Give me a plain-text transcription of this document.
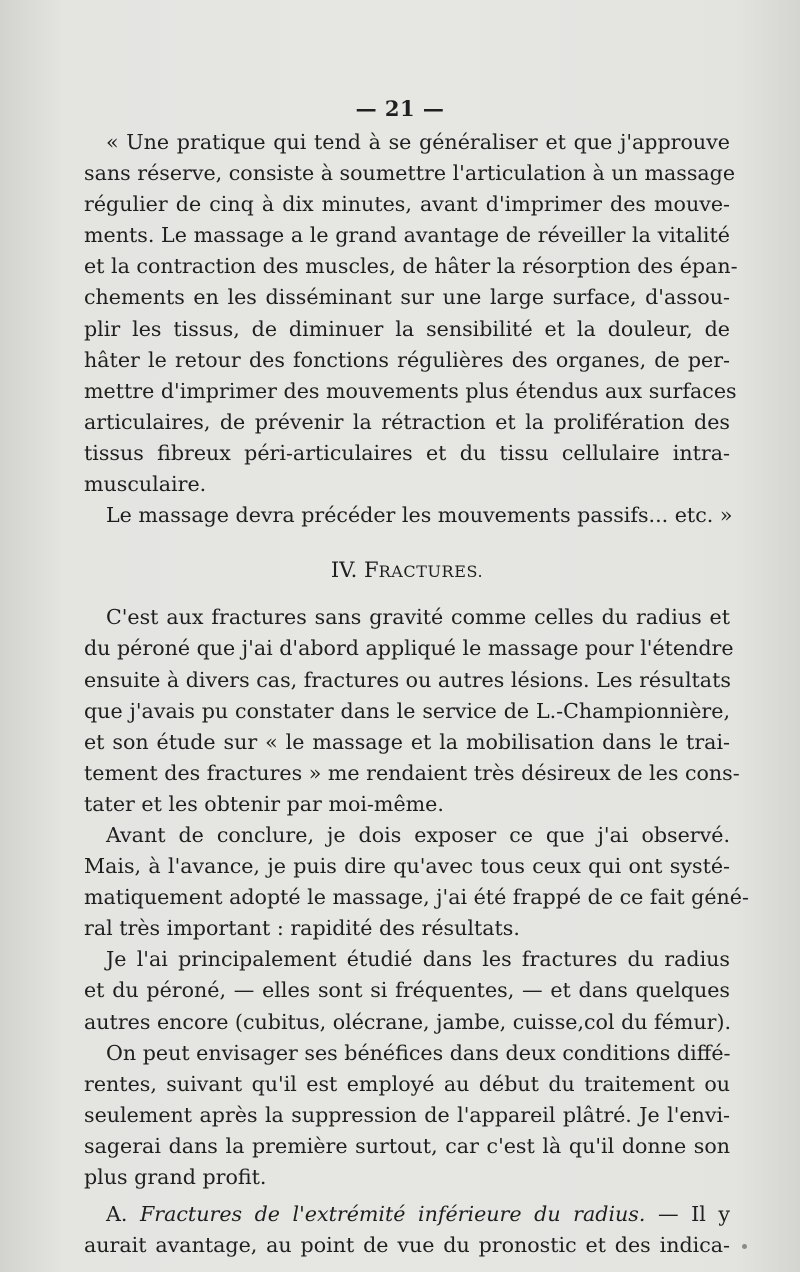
— 21 —
« Une pratique qui tend à se généraliser et que j'approuve
sans réserve, consiste à soumettre l'articulation à un massage
régulier de cinq à dix minutes, avant d'imprimer des mouve-
ments. Le massage a le grand avantage de réveiller la vitalité
et la contraction des muscles, de hâter la résorption des épan-
chements en les disséminant sur une large surface, d'assou-
plir les tissus, de diminuer la sensibilité et la douleur, de
hâter le retour des fonctions régulières des organes, de per-
mettre d'imprimer des mouvements plus étendus aux surfaces
articulaires, de prévenir la rétraction et la prolifération des
tissus fibreux péri-articulaires et du tissu cellulaire intra-
musculaire.
Le massage devra précéder les mouvements passifs... etc. »
IV. FRACTURES.
C'est aux fractures sans gravité comme celles du radius et
du péroné que j'ai d'abord appliqué le massage pour l'étendre
ensuite à divers cas, fractures ou autres lésions. Les résultats
que j'avais pu constater dans le service de L.-Championnière,
et son étude sur « le massage et la mobilisation dans le trai-
tement des fractures » me rendaient très désireux de les cons-
tater et les obtenir par moi-même.
Avant de conclure, je dois exposer ce que j'ai observé.
Mais, à l'avance, je puis dire qu'avec tous ceux qui ont systé-
matiquement adopté le massage, j'ai été frappé de ce fait géné-
ral très important : rapidité des résultats.
Je l'ai principalement étudié dans les fractures du radius
et du péroné, — elles sont si fréquentes, — et dans quelques
autres encore (cubitus, olécrane, jambe, cuisse,col du fémur).
On peut envisager ses bénéfices dans deux conditions diffé-
rentes, suivant qu'il est employé au début du traitement ou
seulement après la suppression de l'appareil plâtré. Je l'envi-
sagerai dans la première surtout, car c'est là qu'il donne son
plus grand profit.
A. Fractures de l'extrémité inférieure du radius. — Il y
aurait avantage, au point de vue du pronostic et des indica-
